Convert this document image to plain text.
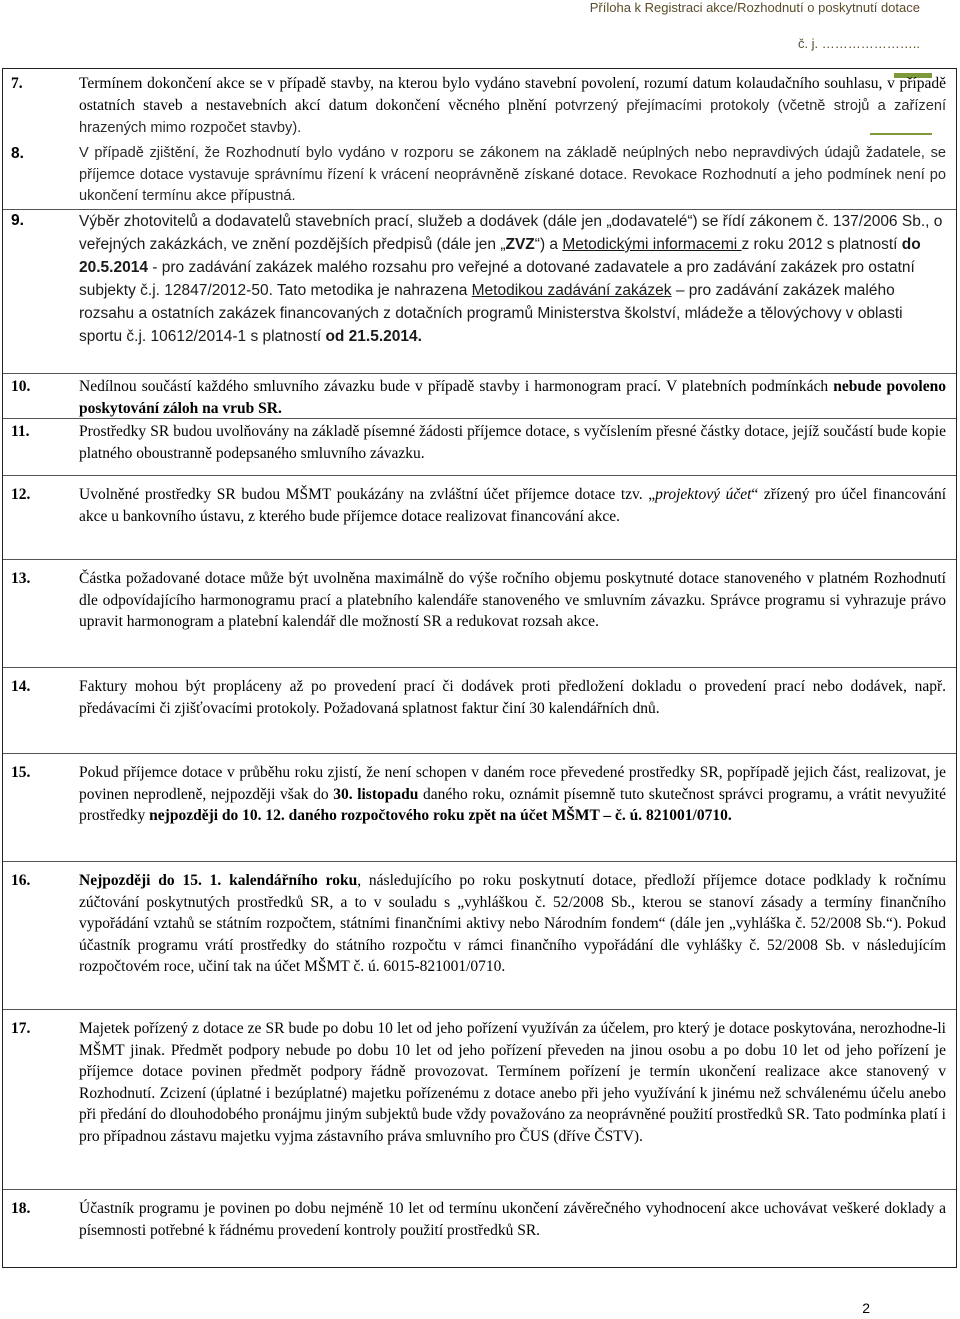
Příloha k Registraci akce/Rozhodnutí o poskytnutí dotace
č. j. …………………..
7.	Termínem dokončení akce se v případě stavby, na kterou bylo vydáno stavební povolení, rozumí datum kolaudačního souhlasu, v případě ostatních staveb a nestavebních akcí datum dokončení věcného plnění potvrzený přejímacími protokoly (včetně strojů a zařízení hrazených mimo rozpočet stavby).
8.	V případě zjištění, že Rozhodnutí bylo vydáno v rozporu se zákonem na základě neúplných nebo nepravdivých údajů žadatele, se příjemce dotace vystavuje správnímu řízení k vrácení neoprávněně získané dotace. Revokace Rozhodnutí a jeho podmínek není po ukončení termínu akce přípustná.
9.	Výběr zhotovitelů a dodavatelů stavebních prací, služeb a dodávek (dále jen „dodavatelé“) se řídí zákonem č. 137/2006 Sb., o veřejných zakázkách, ve znění pozdějších předpisů (dále jen „ZVZ“) a Metodickými informacemi z roku 2012 s platností do 20.5.2014 - pro zadávání zakázek malého rozsahu pro veřejné a dotované zadavatele a pro zadávání zakázek pro ostatní subjekty č.j. 12847/2012-50. Tato metodika je nahrazena Metodikou zadávání zakázek – pro zadávání zakázek malého rozsahu a ostatních zakázek financovaných z dotačních programů Ministerstva školství, mládeže a tělovýchovy v oblasti sportu č.j. 10612/2014-1 s platností od 21.5.2014.
10.	Nedílnou součástí každého smluvního závazku bude v případě stavby i harmonogram prací. V platebních podmínkách nebude povoleno poskytování záloh na vrub SR.
11.	Prostředky SR budou uvolňovány na základě písemné žádosti příjemce dotace, s vyčíslením přesné částky dotace, jejíž součástí bude kopie platného oboustranně podepsaného smluvního závazku.
12.	Uvolněné prostředky SR budou MŠMT poukázány na zvláštní účet příjemce dotace tzv. „projektový účet“ zřízený pro účel financování akce u bankovního ústavu, z kterého bude příjemce dotace realizovat financování akce.
13.	Částka požadované dotace může být uvolněna maximálně do výše ročního objemu poskytnuté dotace stanoveného v platném Rozhodnutí dle odpovídajícího harmonogramu prací a platebního kalendáře stanoveného ve smluvním závazku. Správce programu si vyhrazuje právo upravit harmonogram a platební kalendář dle možností SR a redukovat rozsah akce.
14.	Faktury mohou být propláceny až po provedení prací či dodávek proti předložení dokladu o provedení prací nebo dodávek, např. předávacími či zjišťovacími protokoly. Požadovaná splatnost faktur činí 30 kalendářních dnů.
15.	Pokud příjemce dotace v průběhu roku zjistí, že není schopen v daném roce převedené prostředky SR, popřípadě jejich část, realizovat, je povinen neprodleně, nejpozději však do 30. listopadu daného roku, oznámit písemně tuto skutečnost správci programu, a vrátit nevyužité prostředky nejpozději do 10. 12. daného rozpočtového roku zpět na účet MŠMT – č. ú. 821001/0710.
16.	Nejpozději do 15. 1. kalendářního roku, následujícího po roku poskytnutí dotace, předloží příjemce dotace podklady k ročnímu zúčtování poskytnutých prostředků SR, a to v souladu s „vyhláškou č. 52/2008 Sb., kterou se stanoví zásady a termíny finančního vypořádání vztahů se státním rozpočtem, státními finančními aktivy nebo Národním fondem“ (dále jen „vyhláška č. 52/2008 Sb.“). Pokud účastník programu vrátí prostředky do státního rozpočtu v rámci finančního vypořádání dle vyhlášky č. 52/2008 Sb. v následujícím rozpočtovém roce, učiní tak na účet MŠMT č. ú. 6015-821001/0710.
17.	Majetek pořízený z dotace ze SR bude po dobu 10 let od jeho pořízení využíván za účelem, pro který je dotace poskytována, nerozhodne-li MŠMT jinak. Předmět podpory nebude po dobu 10 let od jeho pořízení převeden na jinou osobu a po dobu 10 let od jeho pořízení je příjemce dotace povinen předmět podpory řádně provozovat. Termínem pořízení je termín ukončení realizace akce stanovený v Rozhodnutí. Zcizení (úplatné i bezúplatné) majetku pořízenému z dotace anebo při jeho využívání k jinému než schválenému účelu anebo při předání do dlouhodobého pronájmu jiným subjektů bude vždy považováno za neoprávněné použití prostředků SR. Tato podmínka platí i pro případnou zástavu majetku vyjma zástavního práva smluvního pro ČUS (dříve ČSTV).
18.	Účastník programu je povinen po dobu nejméně 10 let od termínu ukončení závěrečného vyhodnocení akce uchovávat veškeré doklady a písemnosti potřebné k řádnému provedení kontroly použití prostředků SR.
2
